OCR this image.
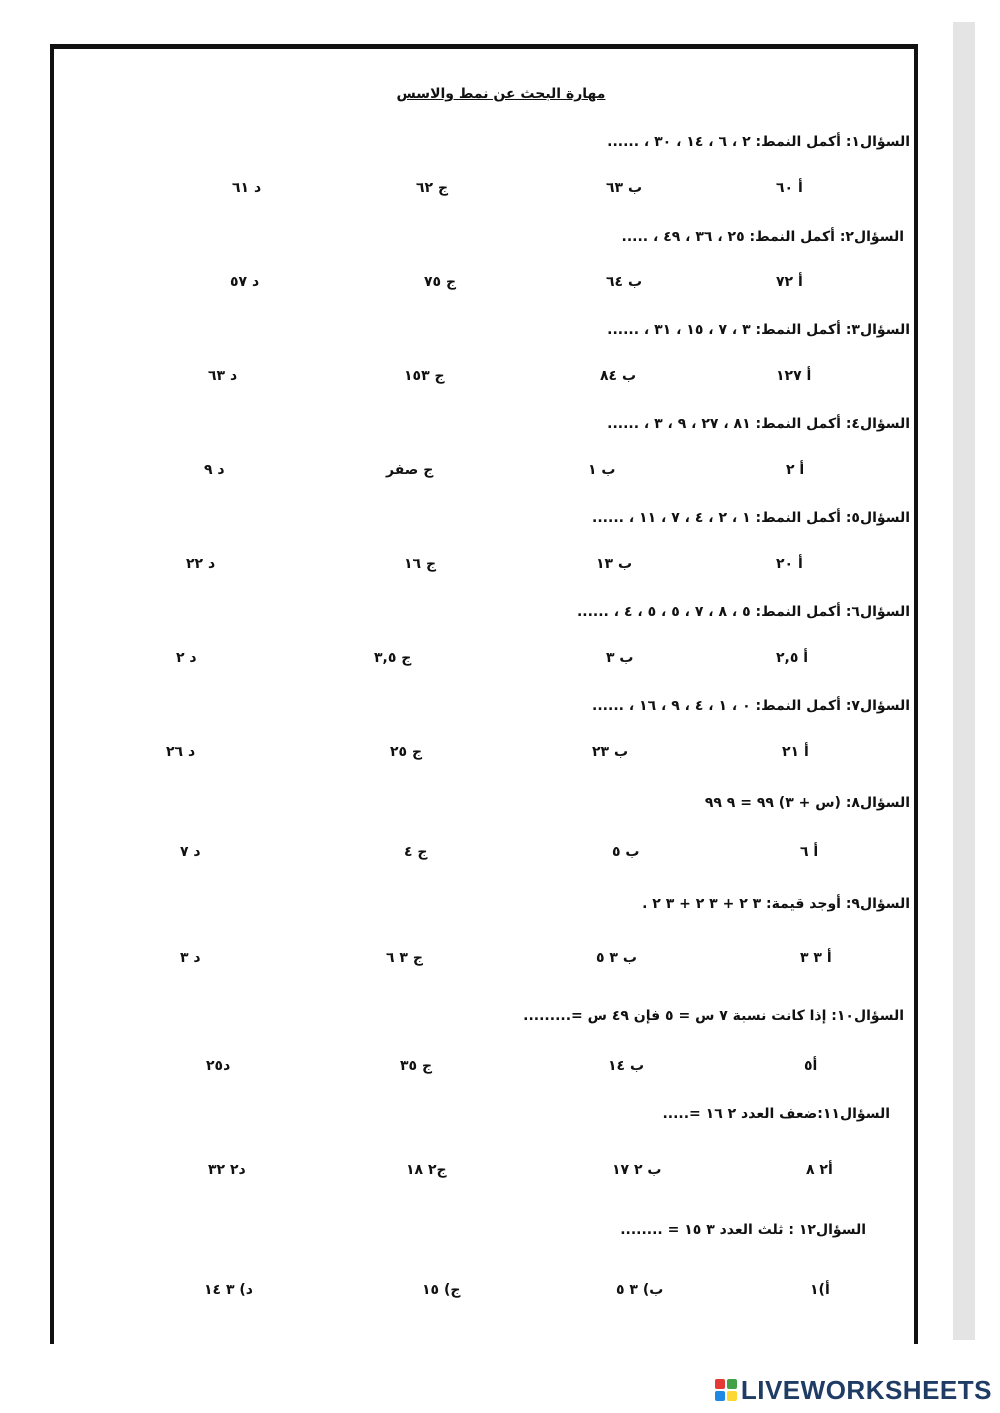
مهارة البحث عن نمط والاسس
السؤال١: أكمل النمط: ٢ ، ٦ ، ١٤ ، ٣٠ ، ......
أ ٦٠
ب ٦٣
ج ٦٢
د ٦١
السؤال٢: أكمل النمط: ٢٥ ، ٣٦ ، ٤٩ ، .....
أ ٧٢
ب ٦٤
ج ٧٥
د ٥٧
السؤال٣: أكمل النمط: ٣ ، ٧ ، ١٥ ، ٣١ ، ......
أ ١٢٧
ب ٨٤
ج ١٥٣
د ٦٣
السؤال٤: أكمل النمط: ٨١ ، ٢٧ ، ٩ ، ٣ ، ......
أ ٢
ب ١
ج صفر
د ٩
السؤال٥: أكمل النمط: ١ ، ٢ ، ٤ ، ٧ ، ١١ ، ......
أ ٢٠
ب ١٣
ج ١٦
د ٢٢
السؤال٦: أكمل النمط: ٥ ، ٨ ، ٧ ، ٥ ، ٥ ، ٤ ، ......
أ ٢,٥
ب ٣
ج ٣,٥
د ٢
السؤال٧: أكمل النمط: ٠ ، ١ ، ٤ ، ٩ ، ١٦ ، ......
أ ٢١
ب ٢٣
ج ٢٥
د ٢٦
السؤال٨: (س + ٣) ٩٩ = ٩ ٩٩
أ ٦
ب ٥
ج ٤
د ٧
السؤال٩: أوجد قيمة: ٣ ٢ + ٣ ٢ + ٣ ٢ .
أ ٣ ٣
ب ٣ ٥
ج ٣ ٦
د ٣
السؤال١٠: إذا كانت نسبة ٧ س = ٥ فإن ٤٩ س =.........
أ٥
ب ١٤
ج ٣٥
د٢٥
السؤال١١:ضعف العدد ٢ ١٦ =.....
أ٢ ٨
ب ٢ ١٧
ج٢ ١٨
د٢ ٣٢
السؤال١٢ : ثلث العدد ٣ ١٥ = ........
أ)١
ب) ٣ ٥
ج) ١٥
د) ٣ ١٤
LIVEWORKSHEETS
